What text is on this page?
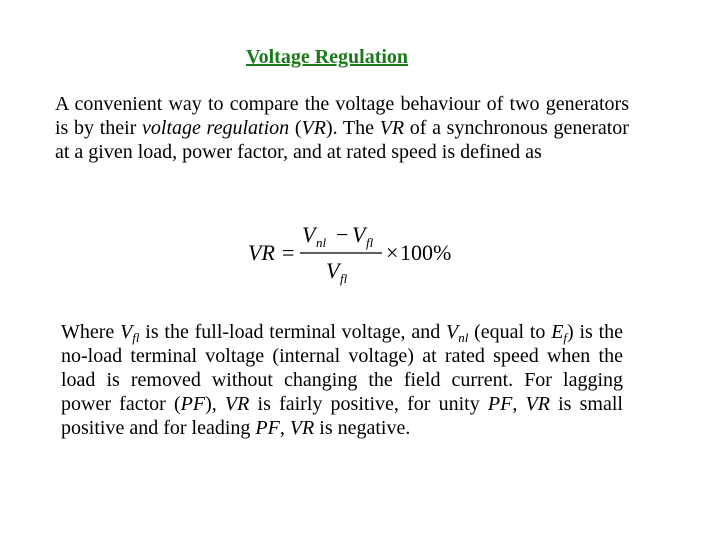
Voltage Regulation

A convenient way to compare the voltage behaviour of two generators is by their voltage regulation (VR). The VR of a synchronous generator at a given load, power factor, and at rated speed is defined as

VR =
V nl − V fl
V fl
× 100%

Where $V_{fl}$ is the full-load terminal voltage, and $V_{nl}$ (equal to $E_f$) is the no-load terminal voltage (internal voltage) at rated speed when the load is removed without changing the field current. For lagging power factor (PF), VR is fairly positive, for unity PF, VR is small positive and for leading PF, VR is negative.
